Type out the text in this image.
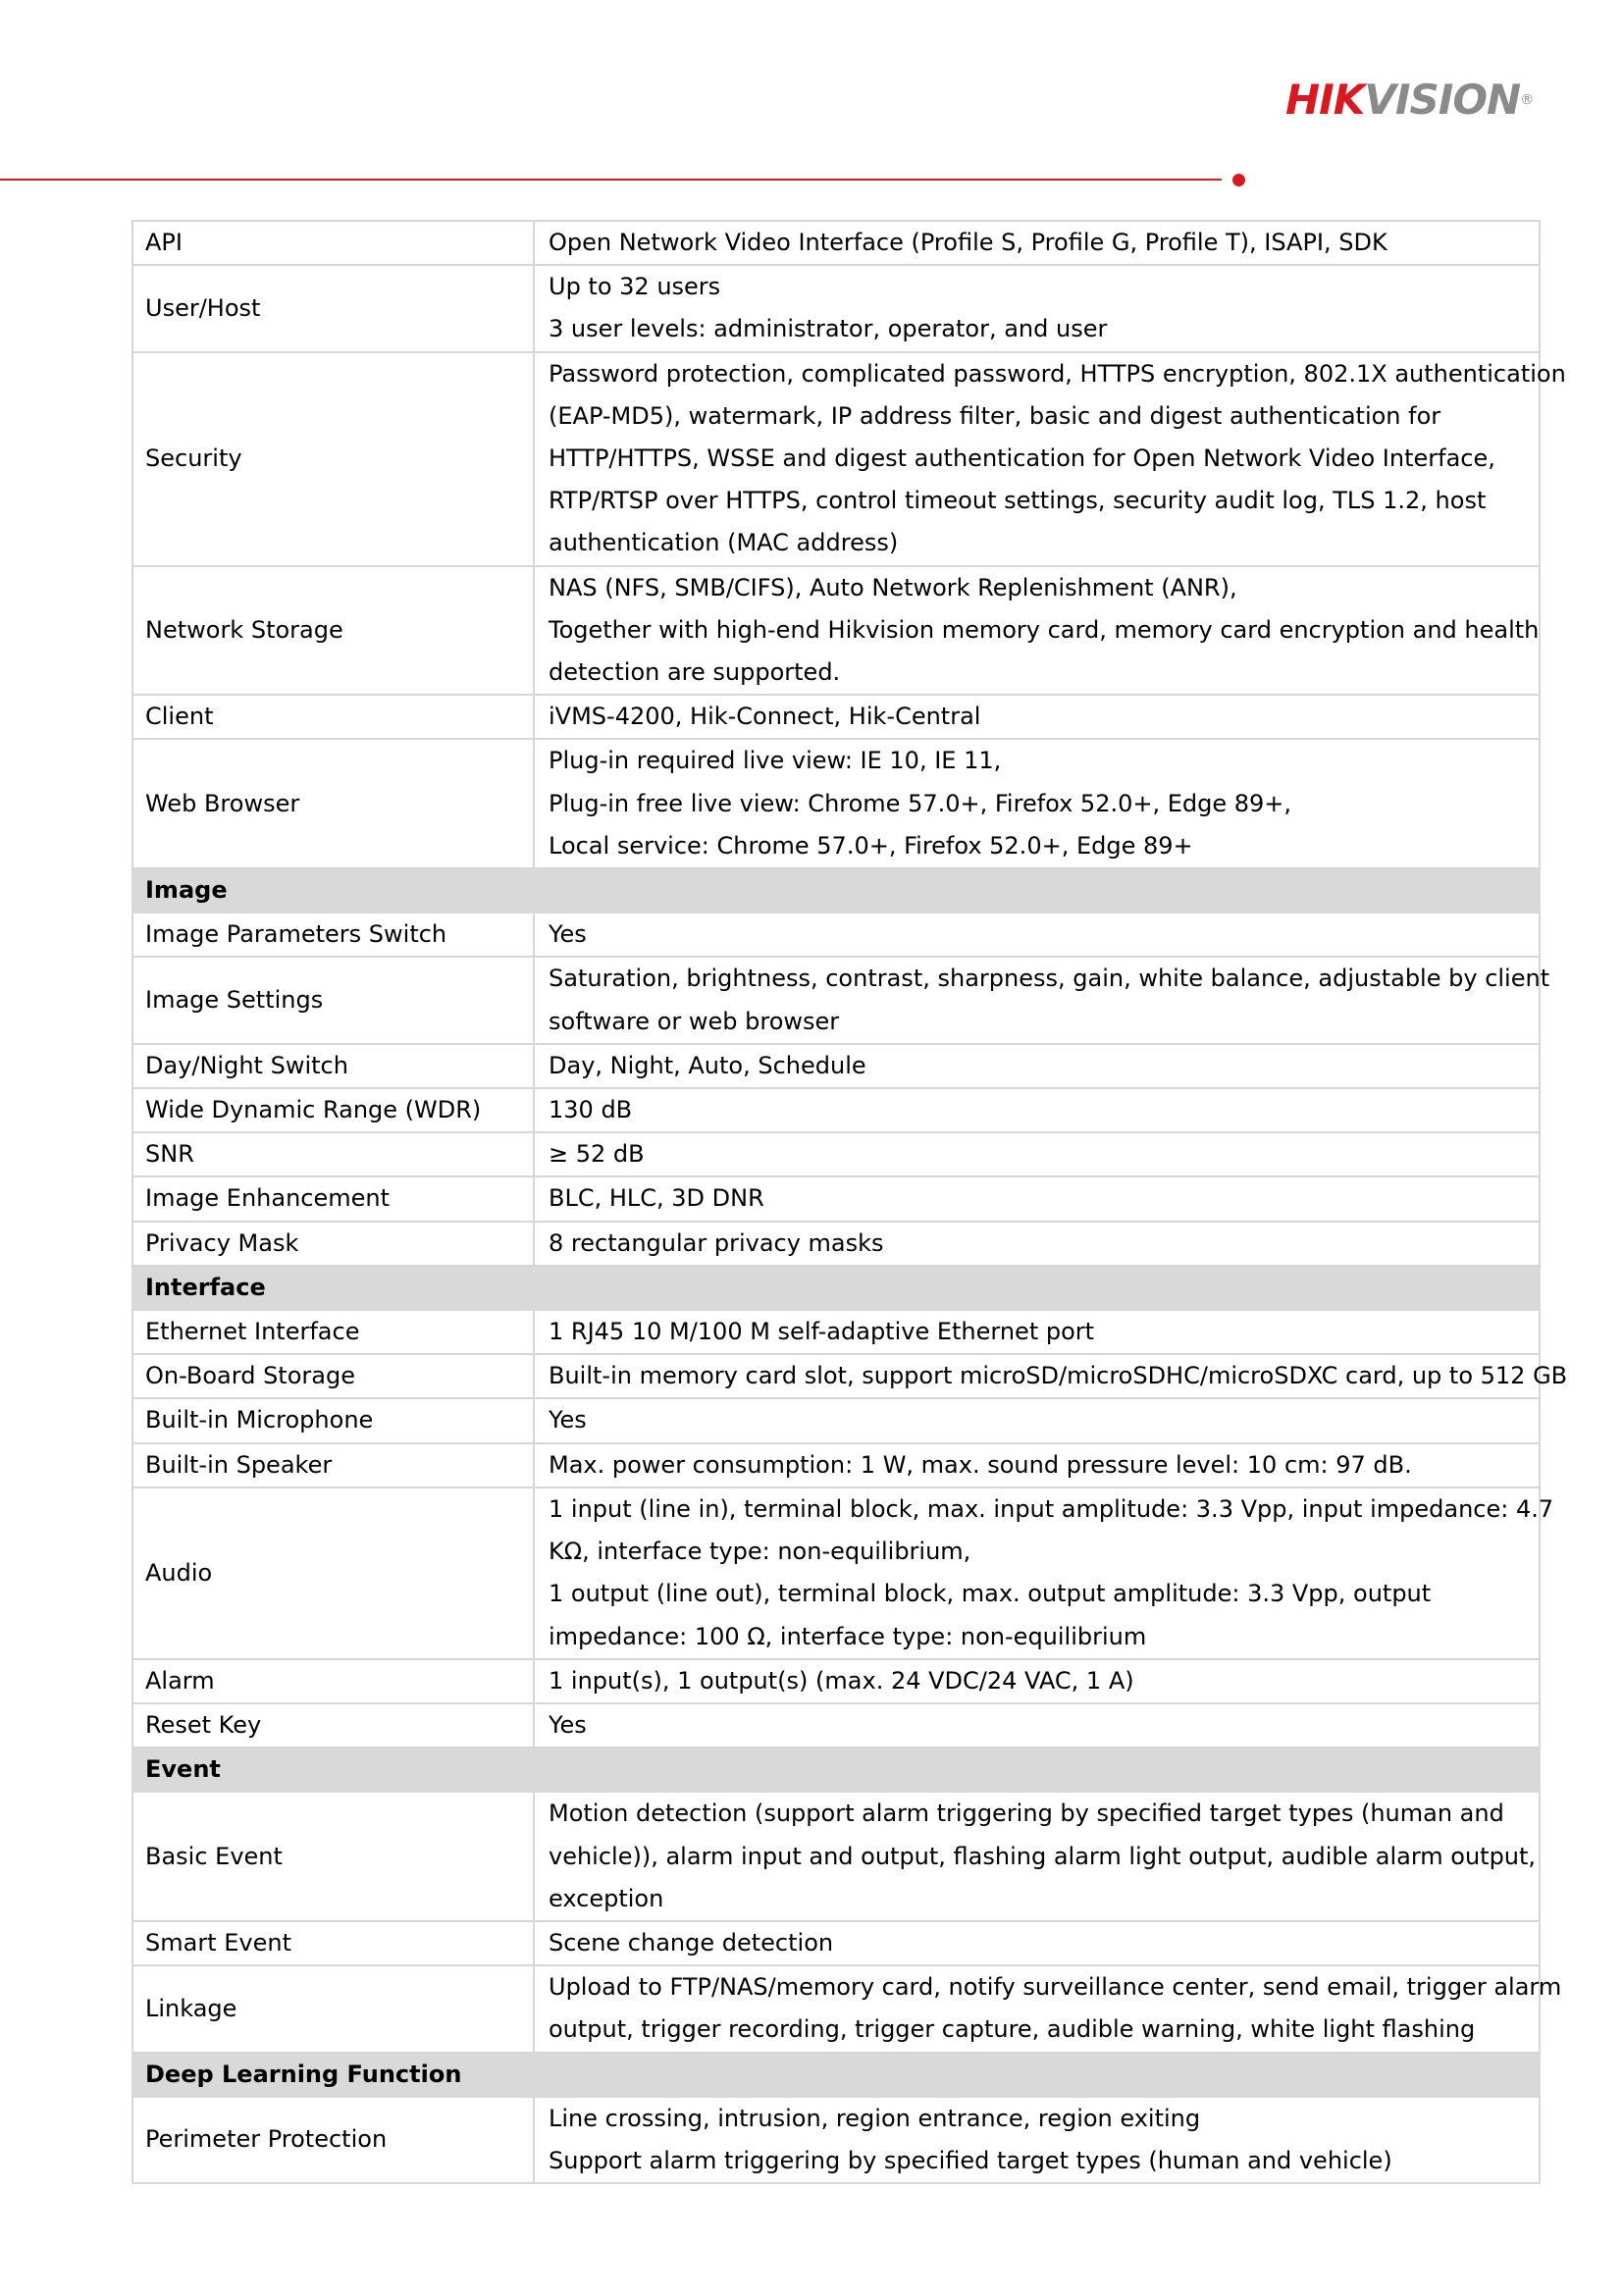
HIKVISION®
API	Open Network Video Interface (Profile S, Profile G, Profile T), ISAPI, SDK

User/Host	Up to 32 users
3 user levels: administrator, operator, and user

Security	Password protection, complicated password, HTTPS encryption, 802.1X authentication
(EAP-MD5), watermark, IP address filter, basic and digest authentication for
HTTP/HTTPS, WSSE and digest authentication for Open Network Video Interface,
RTP/RTSP over HTTPS, control timeout settings, security audit log, TLS 1.2, host
authentication (MAC address)

Network Storage	NAS (NFS, SMB/CIFS), Auto Network Replenishment (ANR),
Together with high-end Hikvision memory card, memory card encryption and health
detection are supported.

Client	iVMS-4200, Hik-Connect, Hik-Central

Web Browser	Plug-in required live view: IE 10, IE 11,
Plug-in free live view: Chrome 57.0+, Firefox 52.0+, Edge 89+,
Local service: Chrome 57.0+, Firefox 52.0+, Edge 89+

Image	
Image Parameters Switch	Yes

Image Settings	Saturation, brightness, contrast, sharpness, gain, white balance, adjustable by client
software or web browser

Day/Night Switch	Day, Night, Auto, Schedule

Wide Dynamic Range (WDR)	130 dB

SNR	≥ 52 dB

Image Enhancement	BLC, HLC, 3D DNR

Privacy Mask	8 rectangular privacy masks

Interface	
Ethernet Interface	1 RJ45 10 M/100 M self-adaptive Ethernet port

On-Board Storage	Built-in memory card slot, support microSD/microSDHC/microSDXC card, up to 512 GB

Built-in Microphone	Yes

Built-in Speaker	Max. power consumption: 1 W, max. sound pressure level: 10 cm: 97 dB.

Audio	1 input (line in), terminal block, max. input amplitude: 3.3 Vpp, input impedance: 4.7
KΩ, interface type: non-equilibrium,
1 output (line out), terminal block, max. output amplitude: 3.3 Vpp, output
impedance: 100 Ω, interface type: non-equilibrium

Alarm	1 input(s), 1 output(s) (max. 24 VDC/24 VAC, 1 A)

Reset Key	Yes

Event	
Basic Event	Motion detection (support alarm triggering by specified target types (human and
vehicle)), alarm input and output, flashing alarm light output, audible alarm output,
exception

Smart Event	Scene change detection

Linkage	Upload to FTP/NAS/memory card, notify surveillance center, send email, trigger alarm
output, trigger recording, trigger capture, audible warning, white light flashing

Deep Learning Function	
Perimeter Protection	Line crossing, intrusion, region entrance, region exiting
Support alarm triggering by specified target types (human and vehicle)
